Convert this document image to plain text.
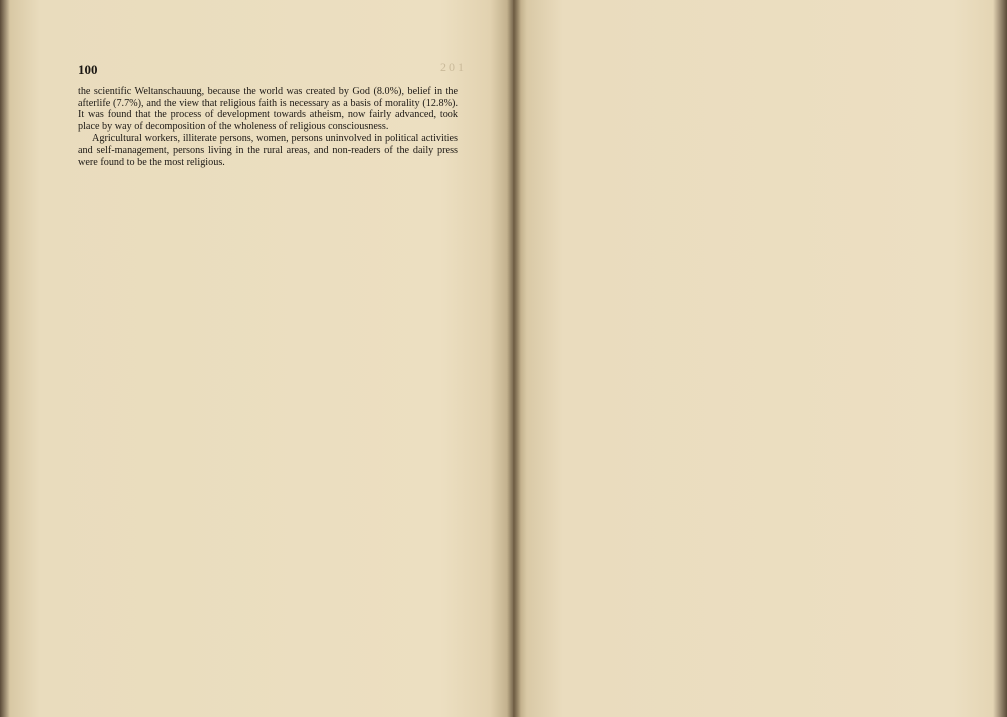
100	2 0 1

the scientific Weltanschauung, because the world was created by God (8.0%), belief in the afterlife (7.7%), and the view that religious faith is necessary as a basis of morality (12.8%). It was found that the process of development towards atheism, now fairly advanced, took place by way of decomposition of the wholeness of religious consciousness.

Agricultural workers, illiterate persons, women, persons uninvolved in political activities and self-management, persons living in the rural areas, and non-readers of the daily press were found to be the most religious.
